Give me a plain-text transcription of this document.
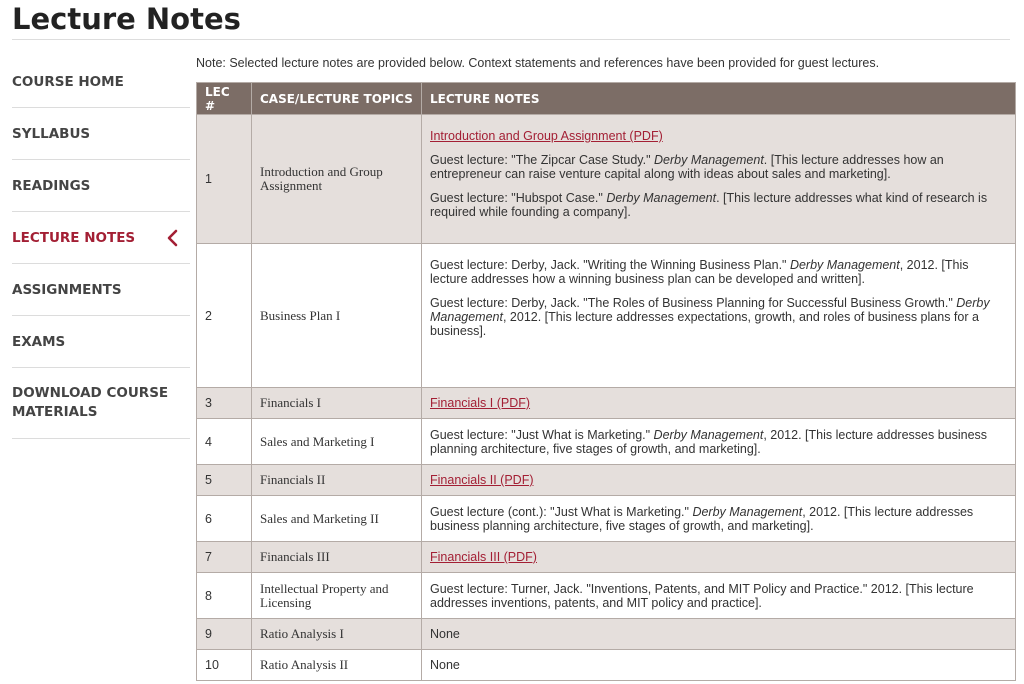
Lecture Notes
COURSE HOME
SYLLABUS
READINGS
LECTURE NOTES
ASSIGNMENTS
EXAMS
DOWNLOAD COURSE
MATERIALS
Note: Selected lecture notes are provided below. Context statements and references have been provided for guest lectures.
LEC #	CASE/LECTURE TOPICS	LECTURE NOTES
1	Introduction and Group Assignment	Introduction and Group Assignment (PDF)

Guest lecture: "The Zipcar Case Study." Derby Management. [This lecture addresses how an entrepreneur can raise venture capital along with ideas about sales and marketing].

Guest lecture: "Hubspot Case." Derby Management. [This lecture addresses what kind of research is required while founding a company].

2	Business Plan I	Guest lecture: Derby, Jack. "Writing the Winning Business Plan." Derby Management, 2012. [This lecture addresses how a winning business plan can be developed and written].

Guest lecture: Derby, Jack. "The Roles of Business Planning for Successful Business Growth." Derby Management, 2012. [This lecture addresses expectations, growth, and roles of business plans for a business].

3	Financials I	Financials I (PDF)

4	Sales and Marketing I	Guest lecture: "Just What is Marketing." Derby Management, 2012. [This lecture addresses business planning architecture, five stages of growth, and marketing].

5	Financials II	Financials II (PDF)

6	Sales and Marketing II	Guest lecture (cont.): "Just What is Marketing." Derby Management, 2012. [This lecture addresses business planning architecture, five stages of growth, and marketing].

7	Financials III	Financials III (PDF)

8	Intellectual Property and Licensing	Guest lecture: Turner, Jack. "Inventions, Patents, and MIT Policy and Practice." 2012. [This lecture addresses inventions, patents, and MIT policy and practice].

9	Ratio Analysis I	None

10	Ratio Analysis II	None
